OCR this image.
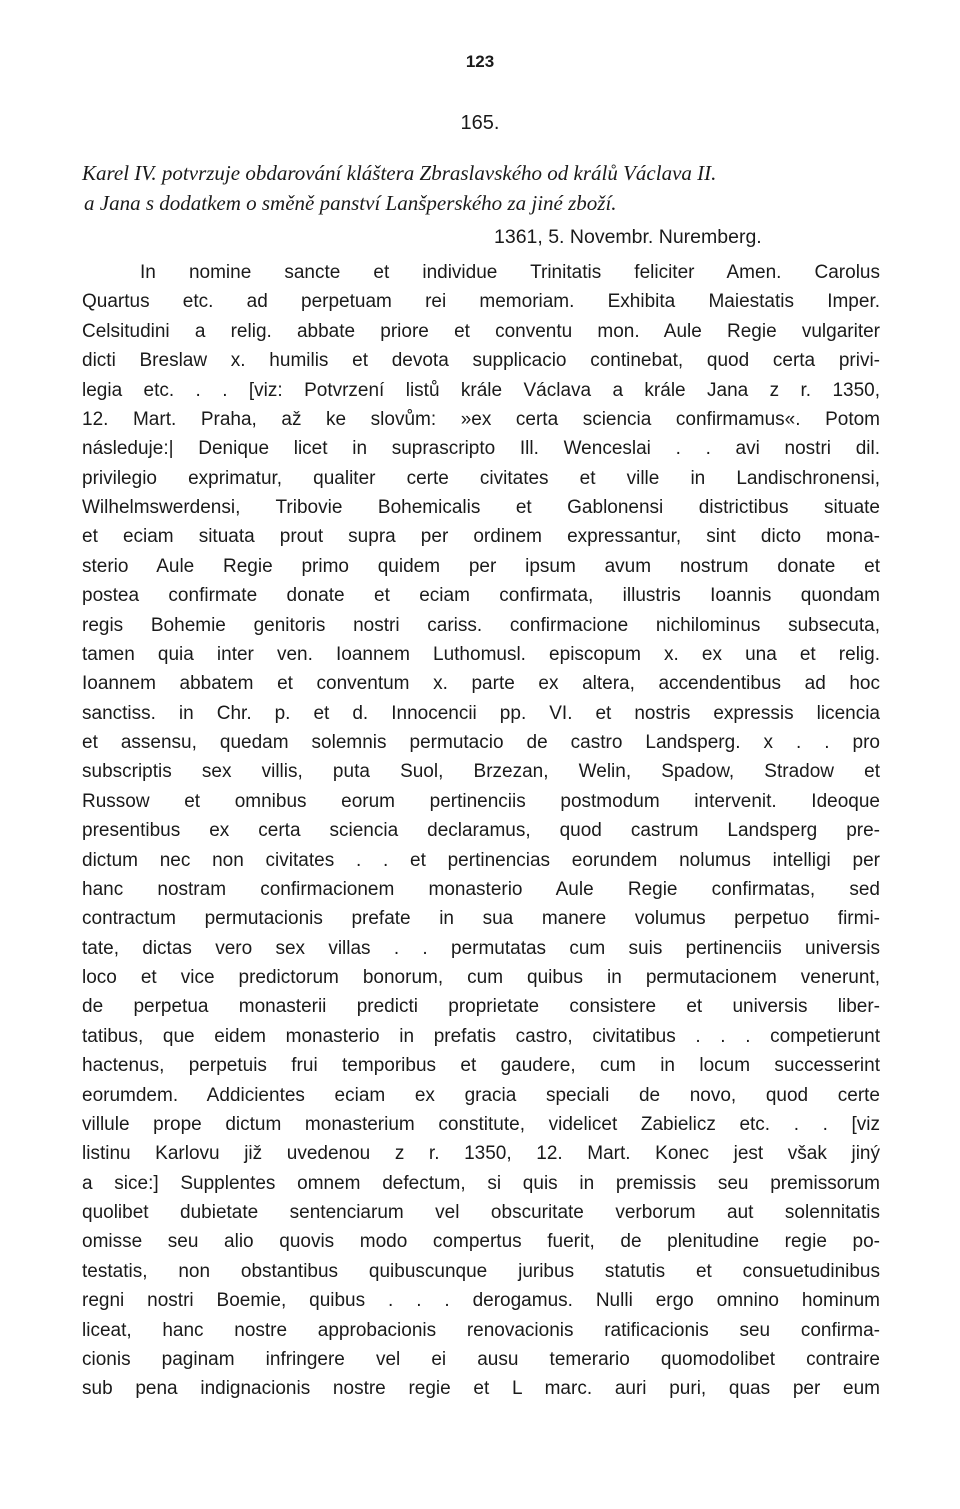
123
165.
Karel IV. potvrzuje obdarování kláštera Zbraslavského od králů Václava II.
a Jana s dodatkem o směně panství Lanšperského za jiné zboží.
1361, 5. Novembr. Nuremberg.
In nomine sancte et individue Trinitatis feliciter Amen. Carolus
Quartus etc. ad perpetuam rei memoriam. Exhibita Maiestatis Imper.
Celsitudini a relig. abbate priore et conventu mon. Aule Regie vulgariter
dicti Breslaw x. humilis et devota supplicacio continebat, quod certa privi-
legia etc. . . [viz: Potvrzení listů krále Václava a krále Jana z r. 1350,
12. Mart. Praha, až ke slovům: »ex certa sciencia confirmamus«. Potom
následuje:| Denique licet in suprascripto Ill. Wenceslai . . avi nostri dil.
privilegio exprimatur, qualiter certe civitates et ville in Landischronensi,
Wilhelmswerdensi, Tribovie Bohemicalis et Gablonensi districtibus situate
et eciam situata prout supra per ordinem expressantur, sint dicto mona-
sterio Aule Regie primo quidem per ipsum avum nostrum donate et
postea confirmate donate et eciam confirmata, illustris Ioannis quondam
regis Bohemie genitoris nostri cariss. confirmacione nichilominus subsecuta,
tamen quia inter ven. Ioannem Luthomusl. episcopum x. ex una et relig.
Ioannem abbatem et conventum x. parte ex altera, accendentibus ad hoc
sanctiss. in Chr. p. et d. Innocencii pp. VI. et nostris expressis licencia
et assensu, quedam solemnis permutacio de castro Landsperg. x . . pro
subscriptis sex villis, puta Suol, Brzezan, Welin, Spadow, Stradow et
Russow et omnibus eorum pertinenciis postmodum intervenit. Ideoque
presentibus ex certa sciencia declaramus, quod castrum Landsperg pre-
dictum nec non civitates . . et pertinencias eorundem nolumus intelligi per
hanc nostram confirmacionem monasterio Aule Regie confirmatas, sed
contractum permutacionis prefate in sua manere volumus perpetuo firmi-
tate, dictas vero sex villas . . permutatas cum suis pertinenciis universis
loco et vice predictorum bonorum, cum quibus in permutacionem venerunt,
de perpetua monasterii predicti proprietate consistere et universis liber-
tatibus, que eidem monasterio in prefatis castro, civitatibus . . . competierunt
hactenus, perpetuis frui temporibus et gaudere, cum in locum successerint
eorumdem. Addicientes eciam ex gracia speciali de novo, quod certe
villule prope dictum monasterium constitute, videlicet Zabielicz etc. . . [viz
listinu Karlovu již uvedenou z r. 1350, 12. Mart. Konec jest však jiný
a sice:] Supplentes omnem defectum, si quis in premissis seu premissorum
quolibet dubietate sentenciarum vel obscuritate verborum aut solennitatis
omisse seu alio quovis modo compertus fuerit, de plenitudine regie po-
testatis, non obstantibus quibuscunque juribus statutis et consuetudinibus
regni nostri Boemie, quibus . . . derogamus. Nulli ergo omnino hominum
liceat, hanc nostre approbacionis renovacionis ratificacionis seu confirma-
cionis paginam infringere vel ei ausu temerario quomodolibet contraire
sub pena indignacionis nostre regie et L marc. auri puri, quas per eum
